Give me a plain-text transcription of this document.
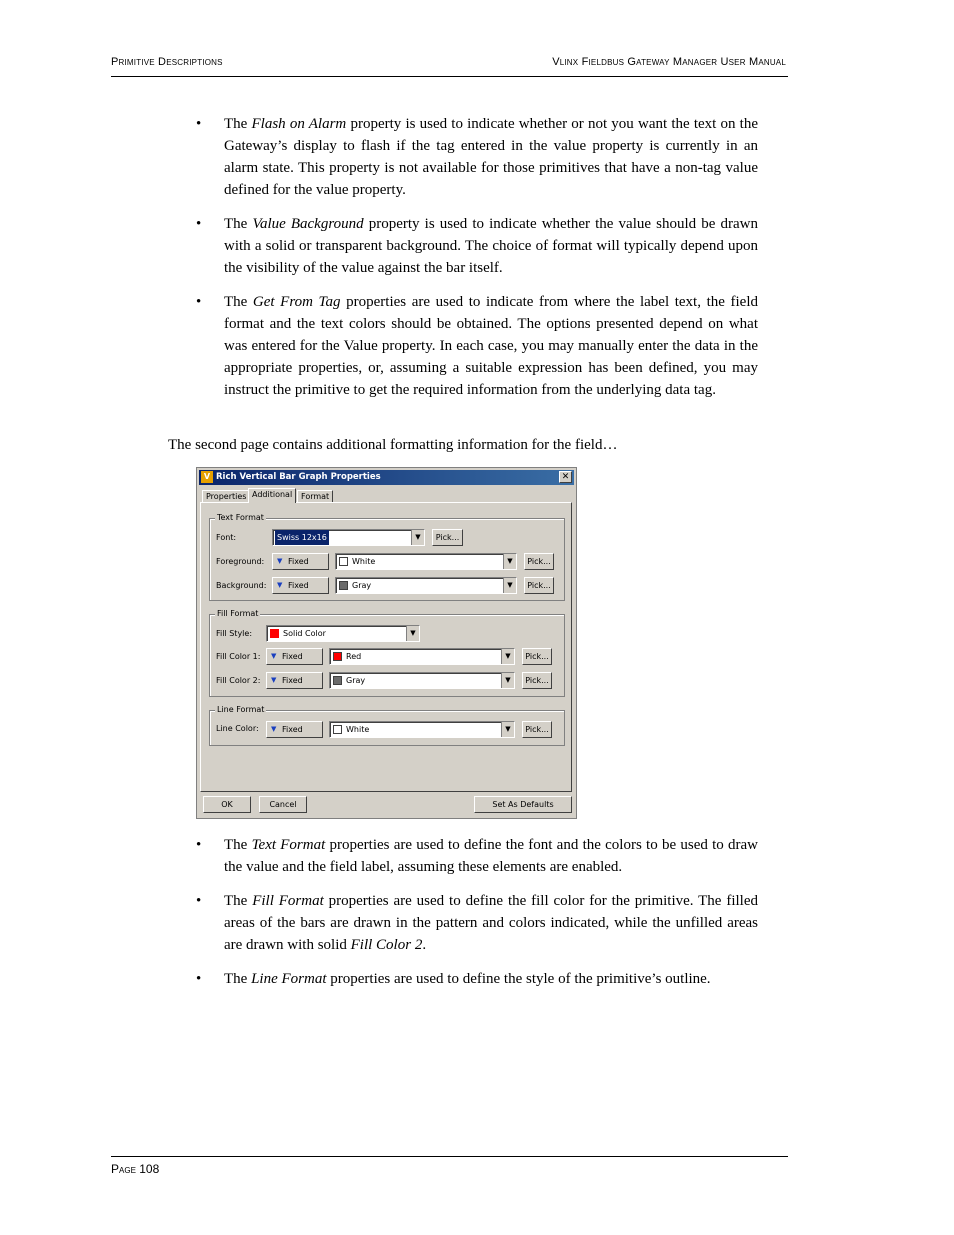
Primitive Descriptions	Vlinx Fieldbus Gateway Manager User Manual
• The Flash on Alarm property is used to indicate whether or not you want the text on the Gateway’s display to flash if the tag entered in the value property is currently in an alarm state. This property is not available for those primitives that have a non-tag value defined for the value property.
• The Value Background property is used to indicate whether the value should be drawn with a solid or transparent background. The choice of format will typically depend upon the visibility of the value against the bar itself.
• The Get From Tag properties are used to indicate from where the label text, the field format and the text colors should be obtained. The options presented depend on what was entered for the Value property. In each case, you may manually enter the data in the appropriate properties, or, assuming a suitable expression has been defined, you may instruct the primitive to get the required information from the underlying data tag.
The second page contains additional formatting information for the field…
V Rich Vertical Bar Graph Properties	✕
Properties Additional	Format
Text Format
Font:	Swiss 12x16	▼	Pick...
Foreground: ▼ Fixed	White	▼	Pick...
Background: ▼ Fixed	Gray	▼	Pick...
Fill Format
Fill Style:	Solid Color	▼
Fill Color 1: ▼ Fixed	Red	▼	Pick...
Fill Color 2: ▼ Fixed	Gray	▼	Pick...
Line Format
Line Color: ▼ Fixed	White	▼	Pick...
OK	Cancel	Set As Defaults
• The Text Format properties are used to define the font and the colors to be used to draw the value and the field label, assuming these elements are enabled.
• The Fill Format properties are used to define the fill color for the primitive. The filled areas of the bars are drawn in the pattern and colors indicated, while the unfilled areas are drawn with solid Fill Color 2.
• The Line Format properties are used to define the style of the primitive’s outline.
Page 108
